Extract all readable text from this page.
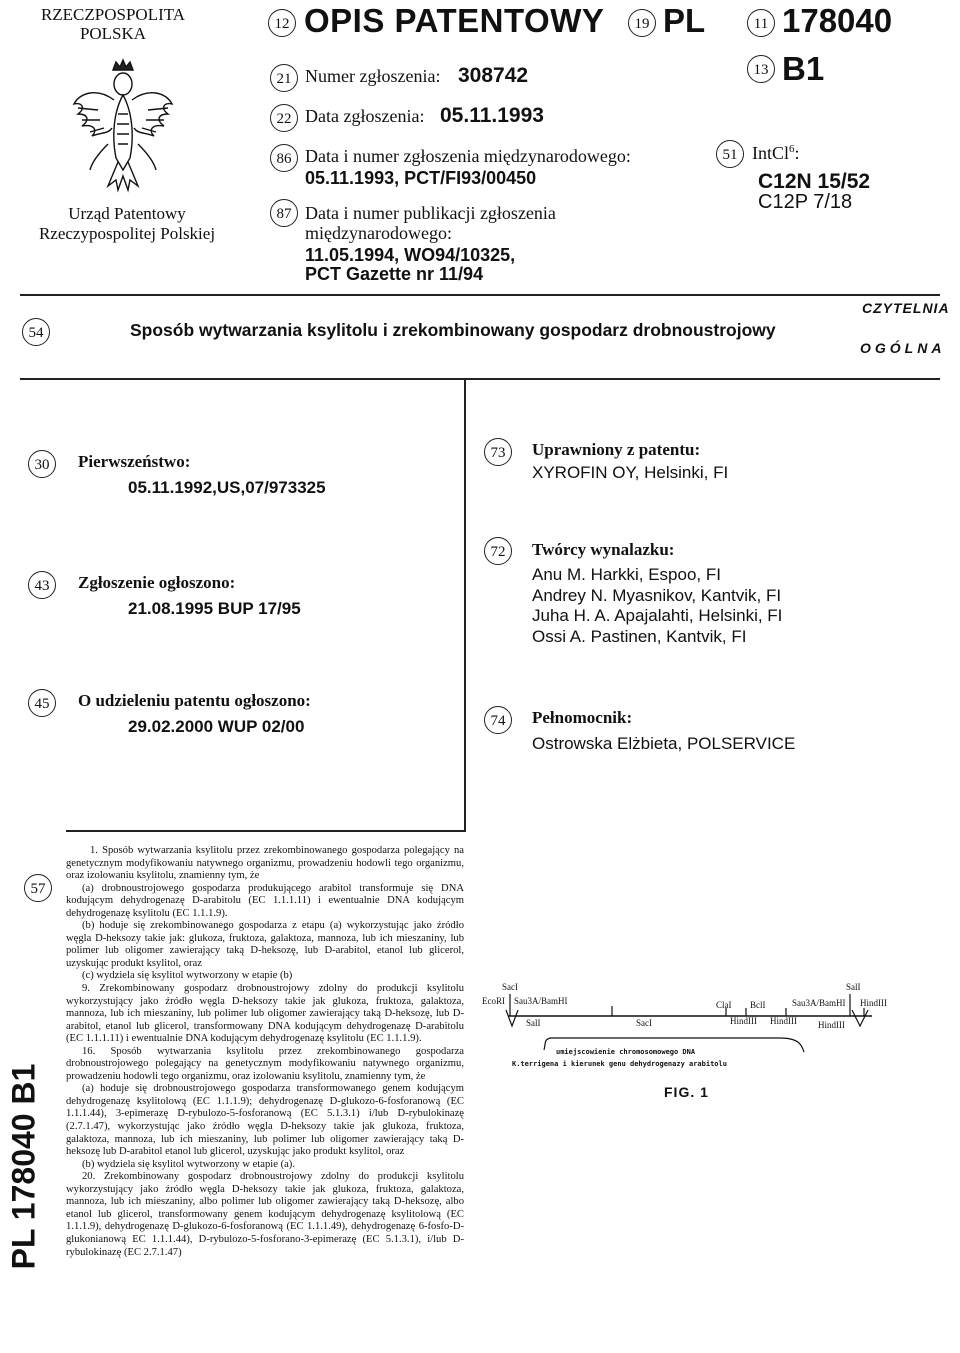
RZECZPOSPOLITA
POLSKA
Urząd Patentowy
Rzeczypospolitej Polskiej
12 OPIS PATENTOWY	19 PL	11 178040
13 B1
21 Numer zgłoszenia: 308742
22 Data zgłoszenia: 05.11.1993
86 Data i numer zgłoszenia międzynarodowego:
05.11.1993, PCT/FI93/00450
87 Data i numer publikacji zgłoszenia
międzynarodowego:
11.05.1994, WO94/10325,
PCT Gazette nr 11/94
51 IntCl$^6$:
C12N 15/52
C12P 7/18
54	Sposób wytwarzania ksylitolu i zrekombinowany gospodarz drobnoustrojowy
CZYTELNIA
OGÓLNA
30	Pierwszeństwo:
05.11.1992,US,07/973325
43	Zgłoszenie ogłoszono:
21.08.1995 BUP 17/95
45	O udzieleniu patentu ogłoszono:
29.02.2000 WUP 02/00
73	Uprawniony z patentu:
XYROFIN OY, Helsinki, FI
72	Twórcy wynalazku:
Anu M. Harkki, Espoo, FI
Andrey N. Myasnikov, Kantvik, FI
Juha H. A. Apajalahti, Helsinki, FI
Ossi A. Pastinen, Kantvik, FI
74	Pełnomocnik:
Ostrowska Elżbieta, POLSERVICE
PL 178040 B1
57

1. Sposób wytwarzania ksylitolu przez zrekombinowanego gospodarza polegający na genetycznym modyfikowaniu natywnego organizmu, prowadzeniu hodowli tego organizmu, oraz izolowaniu ksylitolu, znamienny tym, że

(a) drobnoustrojowego gospodarza produkującego arabitol transformuje się DNA kodującym dehydrogenazę D-arabitolu (EC 1.1.1.11) i ewentualnie DNA kodującym dehydrogenazę ksylitolu (EC 1.1.1.9).

(b) hoduje się zrekombinowanego gospodarza z etapu (a) wykorzystując jako źródło węgla D-heksozy takie jak: glukoza, fruktoza, galaktoza, mannoza, lub ich mieszaniny, lub polimer lub oligomer zawierający taką D-heksozę, lub D-arabitol, etanol lub glicerol, uzyskując produkt ksylitol, oraz

(c) wydziela się ksylitol wytworzony w etapie (b)

9. Zrekombinowany gospodarz drobnoustrojowy zdolny do produkcji ksylitolu wykorzystujący jako źródło węgla D-heksozy takie jak glukoza, fruktoza, galaktoza, mannoza, lub ich mieszaniny, lub polimer lub oligomer zawierający taką D-heksozę, lub D-arabitol, etanol lub glicerol, transformowany DNA kodującym dehydrogenazę D-arabitolu (EC 1.1.1.11) i ewentualnie DNA kodującym dehydrogenazę ksylitolu (EC 1.1.1.9).

16. Sposób wytwarzania ksylitolu przez zrekombinowanego gospodarza drobnoustrojowego polegający na genetycznym modyfikowaniu natywnego organizmu, prowadzeniu hodowli tego organizmu, oraz izolowaniu ksylitolu, znamienny tym, że

(a) hoduje się drobnoustrojowego gospodarza transformowanego genem kodującym dehydrogenazę ksylitolową (EC 1.1.1.9); dehydrogenazę D-glukozo-6-fosforanową (EC 1.1.1.44), 3-epimerazę D-rybulozo-5-fosforanową (EC 5.1.3.1) i/lub D-rybulokinazę (2.7.1.47), wykorzystując jako źródło węgla D-heksozy takie jak glukoza, fruktoza, galaktoza, mannoza, lub ich mieszaniny, lub polimer lub oligomer zawierający taką D-heksozę lub D-arabitol etanol lub glicerol, uzyskując jako produkt ksylitol, oraz

(b) wydziela się ksylitol wytworzony w etapie (a).

20. Zrekombinowany gospodarz drobnoustrojowy zdolny do produkcji ksylitolu wykorzystujący jako źródło węgla D-heksozy takie jak glukoza, fruktoza, galaktoza, mannoza, lub ich mieszaniny, albo polimer lub oligomer zawierający taką D-heksozę, albo etanol lub glicerol, transformowany genem kodującym dehydrogenazę ksylitolową (EC 1.1.1.9), dehydrogenazę D-glukozo-6-fosforanową (EC 1.1.1.49), dehydrogenazę 6-fosfo-D-glukonianową EC 1.1.1.44), D-rybulozo-5-fosforano-3-epimerazę (EC 5.1.3.1), i/lub D-rybulokinazę (EC 2.7.1.47)

SacI
EcoRI Sau3A/BamHI
SalI	SacI
ClaI BclI	Sau3A/BamHI HindIII
SalI
HindIII HindIII HindIII
umiejscowienie chromosomowego DNA
K.terrigena i kierunek genu dehydrogenazy arabitolu
FIG. 1
